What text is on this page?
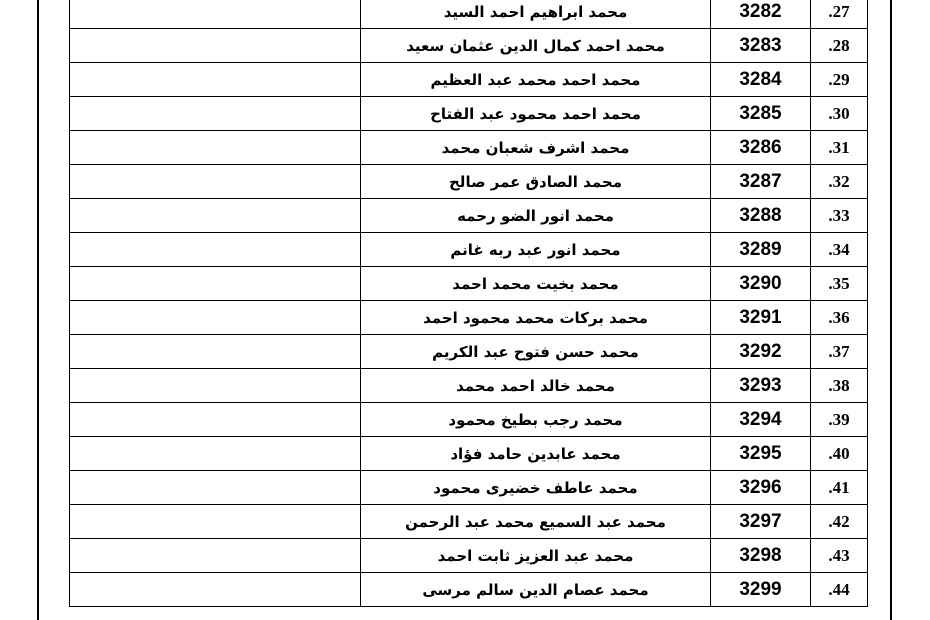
	محمد ابراهيم احمد السيد	3282	.27
	محمد احمد كمال الدين عثمان سعيد	3283	.28
	محمد احمد محمد عبد العظيم	3284	.29
	محمد احمد محمود عبد الفتاح	3285	.30
	محمد اشرف شعبان محمد	3286	.31
	محمد الصادق عمر صالح	3287	.32
	محمد انور الضو رحمه	3288	.33
	محمد انور عبد ربه غانم	3289	.34
	محمد بخيت محمد احمد	3290	.35
	محمد بركات محمد محمود احمد	3291	.36
	محمد حسن فتوح عبد الكريم	3292	.37
	محمد خالد احمد محمد	3293	.38
	محمد رجب بطيخ محمود	3294	.39
	محمد عابدين حامد فؤاد	3295	.40
	محمد عاطف خضيرى محمود	3296	.41
	محمد عبد السميع محمد عبد الرحمن	3297	.42
	محمد عبد العزيز ثابت احمد	3298	.43
	محمد عصام الدين سالم مرسى	3299	.44
